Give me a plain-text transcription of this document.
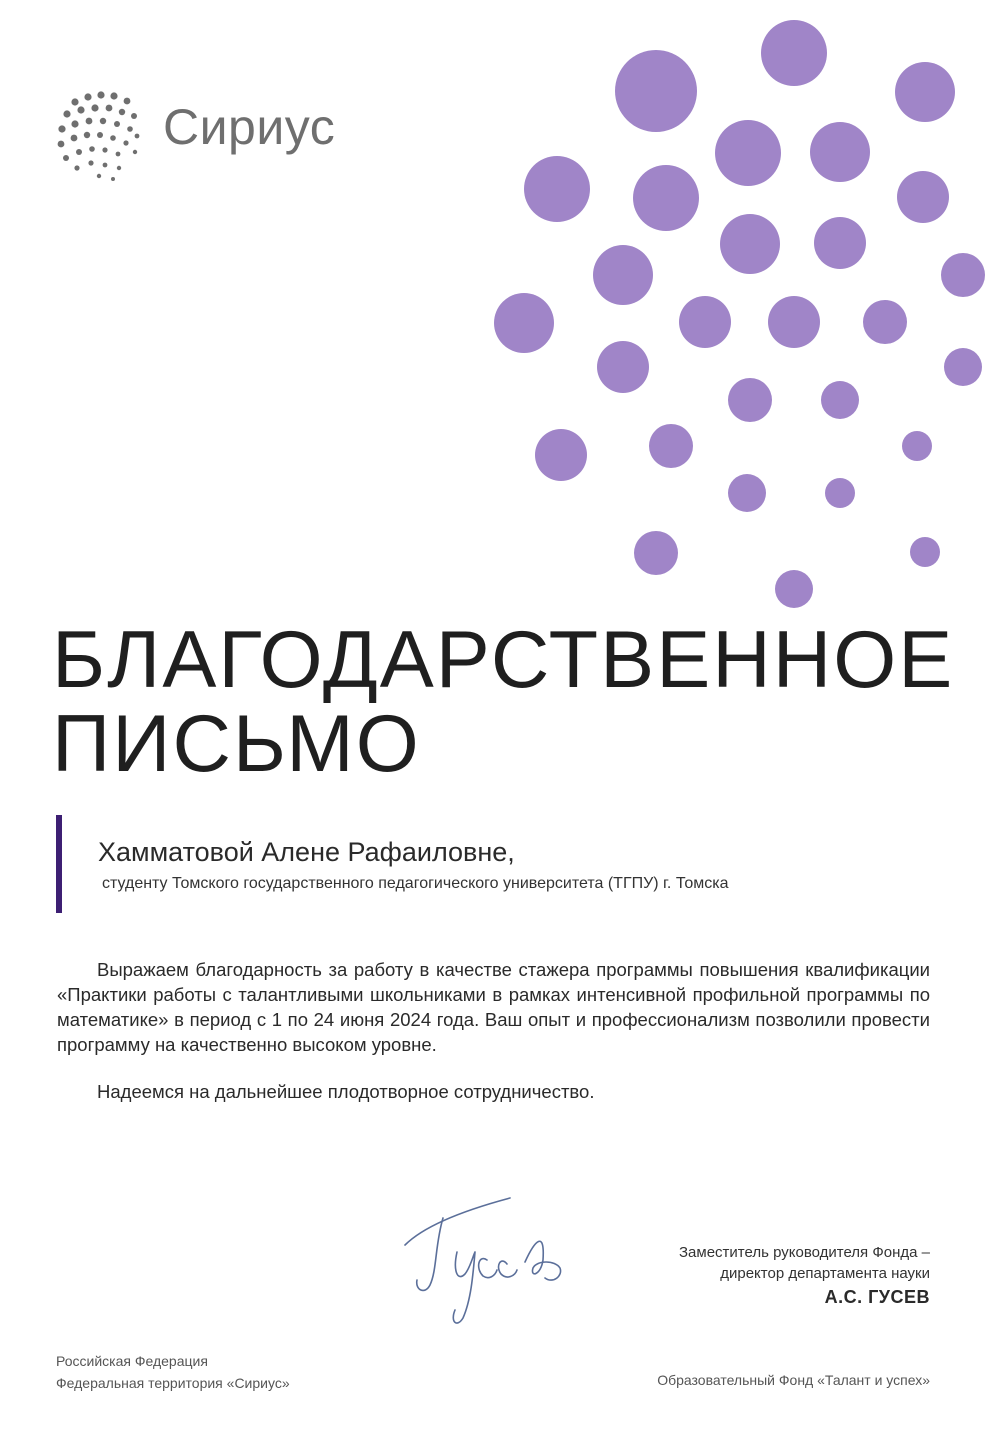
Сириус
БЛАГОДАРСТВЕННОЕ
ПИСЬМО
Хамматовой Алене Рафаиловне,
студенту Томского государственного педагогического университета (ТГПУ) г. Томска

Выражаем благодарность за работу в качестве стажера программы повышения квалификации «Практики работы с талантливыми школьниками в рамках интенсивной профильной программы по математике» в период с 1 по 24 июня 2024 года. Ваш опыт и профессионализм позволили провести программу на качественно высоком уровне.

Надеемся на дальнейшее плодотворное сотрудничество.
Заместитель руководителя Фонда –
директор департамента науки
А.С. ГУСЕВ
Российская Федерация
Федеральная территория «Сириус»	Образовательный Фонд «Талант и успех»
